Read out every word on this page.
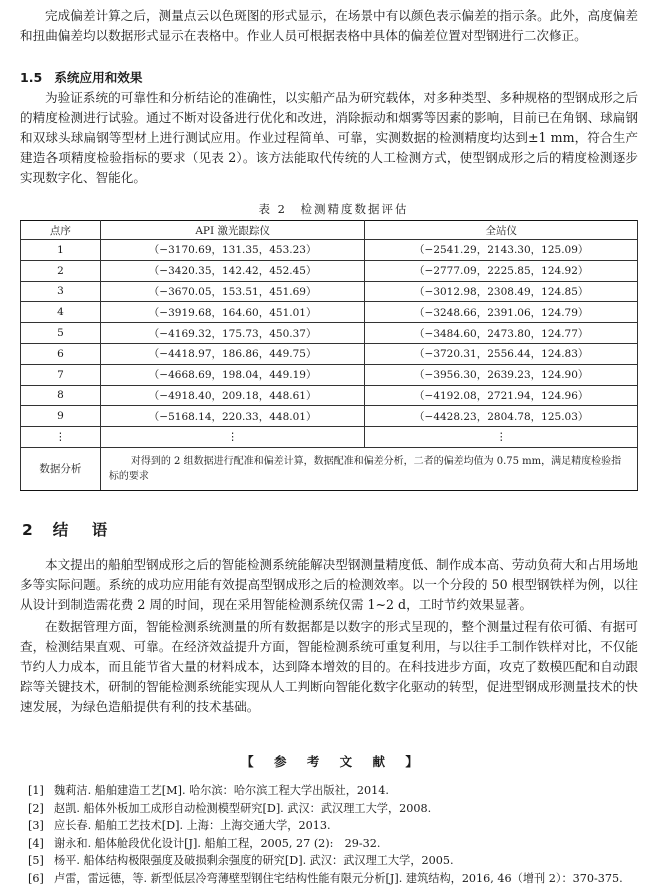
完成偏差计算之后，测量点云以色斑图的形式显示，在场景中有以颜色表示偏差的指示条。此外，高度偏差和扭曲偏差均以数据形式显示在表格中。作业人员可根据表格中具体的偏差位置对型钢进行二次修正。

1.5 系统应用和效果

为验证系统的可靠性和分析结论的准确性，以实船产品为研究载体，对多种类型、多种规格的型钢成形之后的精度检测进行试验。通过不断对设备进行优化和改进，消除振动和烟雾等因素的影响，目前已在角钢、球扁钢和双球头球扁钢等型材上进行测试应用。作业过程简单、可靠，实测数据的检测精度均达到±1 mm，符合生产建造各项精度检验指标的要求（见表 2）。该方法能取代传统的人工检测方式，使型钢成形之后的精度检测逐步实现数字化、智能化。

表 2　检测精度数据评估
点序	API 激光跟踪仪	全站仪
1	（−3170.69，131.35，453.23）	（−2541.29，2143.30，125.09）
2	（−3420.35，142.42，452.45）	（−2777.09，2225.85，124.92）
3	（−3670.05，153.51，451.69）	（−3012.98，2308.49，124.85）
4	（−3919.68，164.60，451.01）	（−3248.66，2391.06，124.79）
5	（−4169.32，175.73，450.37）	（−3484.60，2473.80，124.77）
6	（−4418.97，186.86，449.75）	（−3720.31，2556.44，124.83）
7	（−4668.69，198.04，449.19）	（−3956.30，2639.23，124.90）
8	（−4918.40，209.18，448.61）	（−4192.08，2721.94，124.96）
9	（−5168.14，220.33，448.01）	（−4428.23，2804.78，125.03）
⋮	⋮	⋮
数据分析	对得到的 2 组数据进行配准和偏差计算，数据配准和偏差分析，二者的偏差均值为 0.75 mm，满足精度检验指标的要求	
2 结　语

本文提出的船舶型钢成形之后的智能检测系统能解决型钢测量精度低、制作成本高、劳动负荷大和占用场地多等实际问题。系统的成功应用能有效提高型钢成形之后的检测效率。以一个分段的 50 根型钢铁样为例，以往从设计到制造需花费 2 周的时间，现在采用智能检测系统仅需 1~2 d，工时节约效果显著。

在数据管理方面，智能检测系统测量的所有数据都是以数字的形式呈现的，整个测量过程有依可循、有据可查，检测结果直观、可靠。在经济效益提升方面，智能检测系统可重复利用，与以往手工制作铁样对比，不仅能节约人力成本，而且能节省大量的材料成本，达到降本增效的目的。在科技进步方面，攻克了数模匹配和自动跟踪等关键技术，研制的智能检测系统能实现从人工判断向智能化数字化驱动的转型，促进型钢成形测量技术的快速发展，为绿色造船提供有利的技术基础。

【 参 考 文 献 】
[1] 魏莉洁. 船舶建造工艺[M]. 哈尔滨：哈尔滨工程大学出版社，2014.
[2] 赵凯. 船体外板加工成形自动检测模型研究[D]. 武汉：武汉理工大学，2008.
[3] 应长春. 船舶工艺技术[D]. 上海：上海交通大学，2013.
[4] 谢永和. 船体舱段优化设计[J]. 船舶工程，2005, 27 (2):　29-32.
[5] 杨平. 船体结构极限强度及破损剩余强度的研究[D]. 武汉：武汉理工大学，2005.
[6] 卢雷，雷远德，等. 新型低层冷弯薄壁型钢住宅结构性能有限元分析[J]. 建筑结构，2016, 46（增刊 2）：370-375.
